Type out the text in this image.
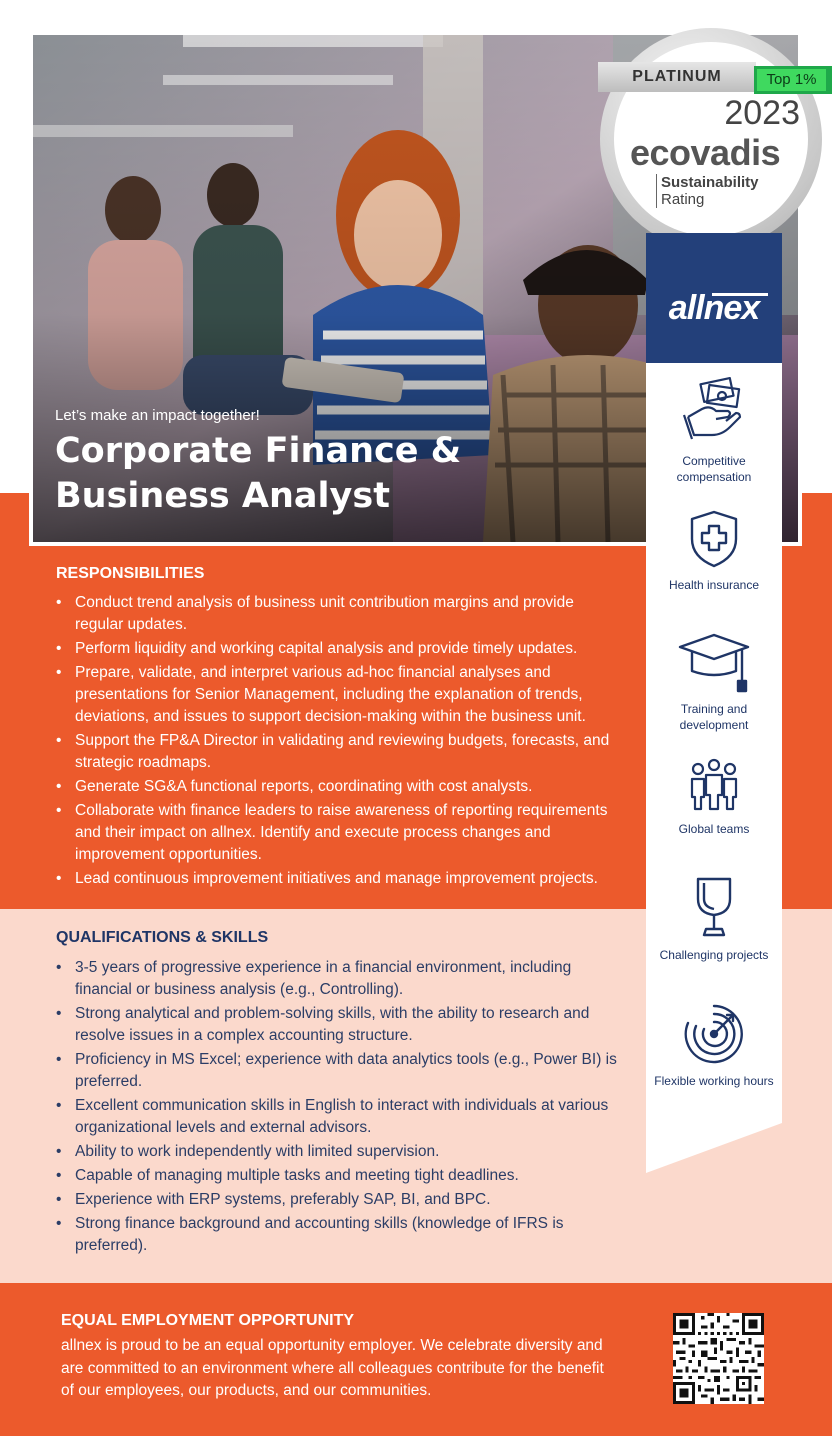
Let’s make an impact together!
Corporate Finance & Business Analyst
PLATINUM	Top 1%
2023
ecovadis
Sustainability
Rating
allnex
Competitive compensation
Health insurance
Training and development
Global teams
Challenging projects
Flexible working hours
RESPONSIBILITIES
• Conduct trend analysis of business unit contribution margins and provide regular updates.
• Perform liquidity and working capital analysis and provide timely updates.
• Prepare, validate, and interpret various ad-hoc financial analyses and presentations for Senior Management, including the explanation of trends, deviations, and issues to support decision-making within the business unit.
• Support the FP&A Director in validating and reviewing budgets, forecasts, and strategic roadmaps.
• Generate SG&A functional reports, coordinating with cost analysts.
• Collaborate with finance leaders to raise awareness of reporting requirements and their impact on allnex. Identify and execute process changes and improvement opportunities.
• Lead continuous improvement initiatives and manage improvement projects.
QUALIFICATIONS & SKILLS
• 3-5 years of progressive experience in a financial environment, including financial or business analysis (e.g., Controlling).
• Strong analytical and problem-solving skills, with the ability to research and resolve issues in a complex accounting structure.
• Proficiency in MS Excel; experience with data analytics tools (e.g., Power BI) is preferred.
• Excellent communication skills in English to interact with individuals at various organizational levels and external advisors.
• Ability to work independently with limited supervision.
• Capable of managing multiple tasks and meeting tight deadlines.
• Experience with ERP systems, preferably SAP, BI, and BPC.
• Strong finance background and accounting skills (knowledge of IFRS is preferred).
EQUAL EMPLOYMENT OPPORTUNITY
allnex is proud to be an equal opportunity employer. We celebrate diversity and are committed to an environment where all colleagues contribute for the benefit of our employees, our products, and our communities.
